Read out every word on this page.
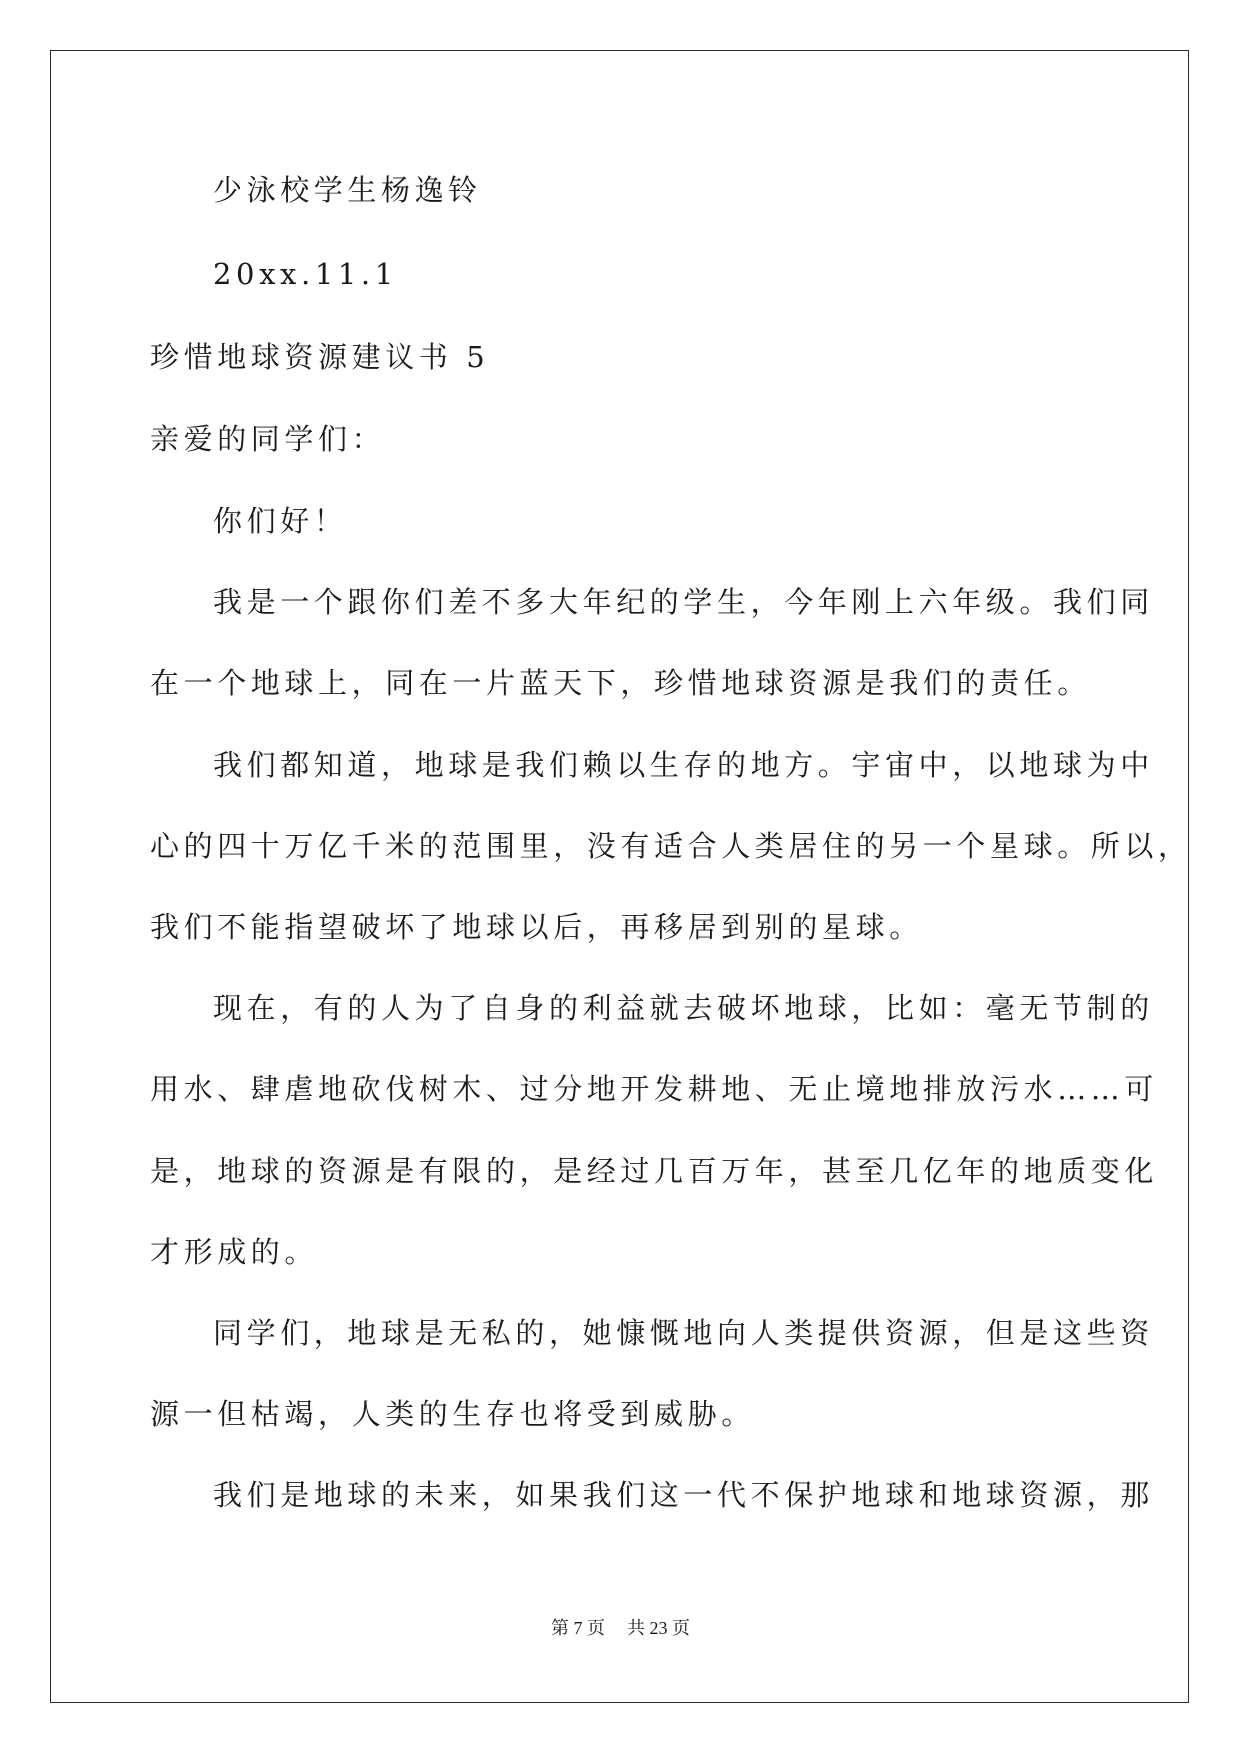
少泳校学生杨逸铃
20xx.11.1
珍惜地球资源建议书 5
亲爱的同学们：
你们好！
我是一个跟你们差不多大年纪的学生，今年刚上六年级。我们同
在一个地球上，同在一片蓝天下，珍惜地球资源是我们的责任。
我们都知道，地球是我们赖以生存的地方。宇宙中，以地球为中
心的四十万亿千米的范围里，没有适合人类居住的另一个星球。所以，
我们不能指望破坏了地球以后，再移居到别的星球。
现在，有的人为了自身的利益就去破坏地球，比如：毫无节制的
用水、肆虐地砍伐树木、过分地开发耕地、无止境地排放污水……可
是，地球的资源是有限的，是经过几百万年，甚至几亿年的地质变化
才形成的。
同学们，地球是无私的，她慷慨地向人类提供资源，但是这些资
源一但枯竭，人类的生存也将受到威胁。
我们是地球的未来，如果我们这一代不保护地球和地球资源，那
第 7 页 共 23 页
